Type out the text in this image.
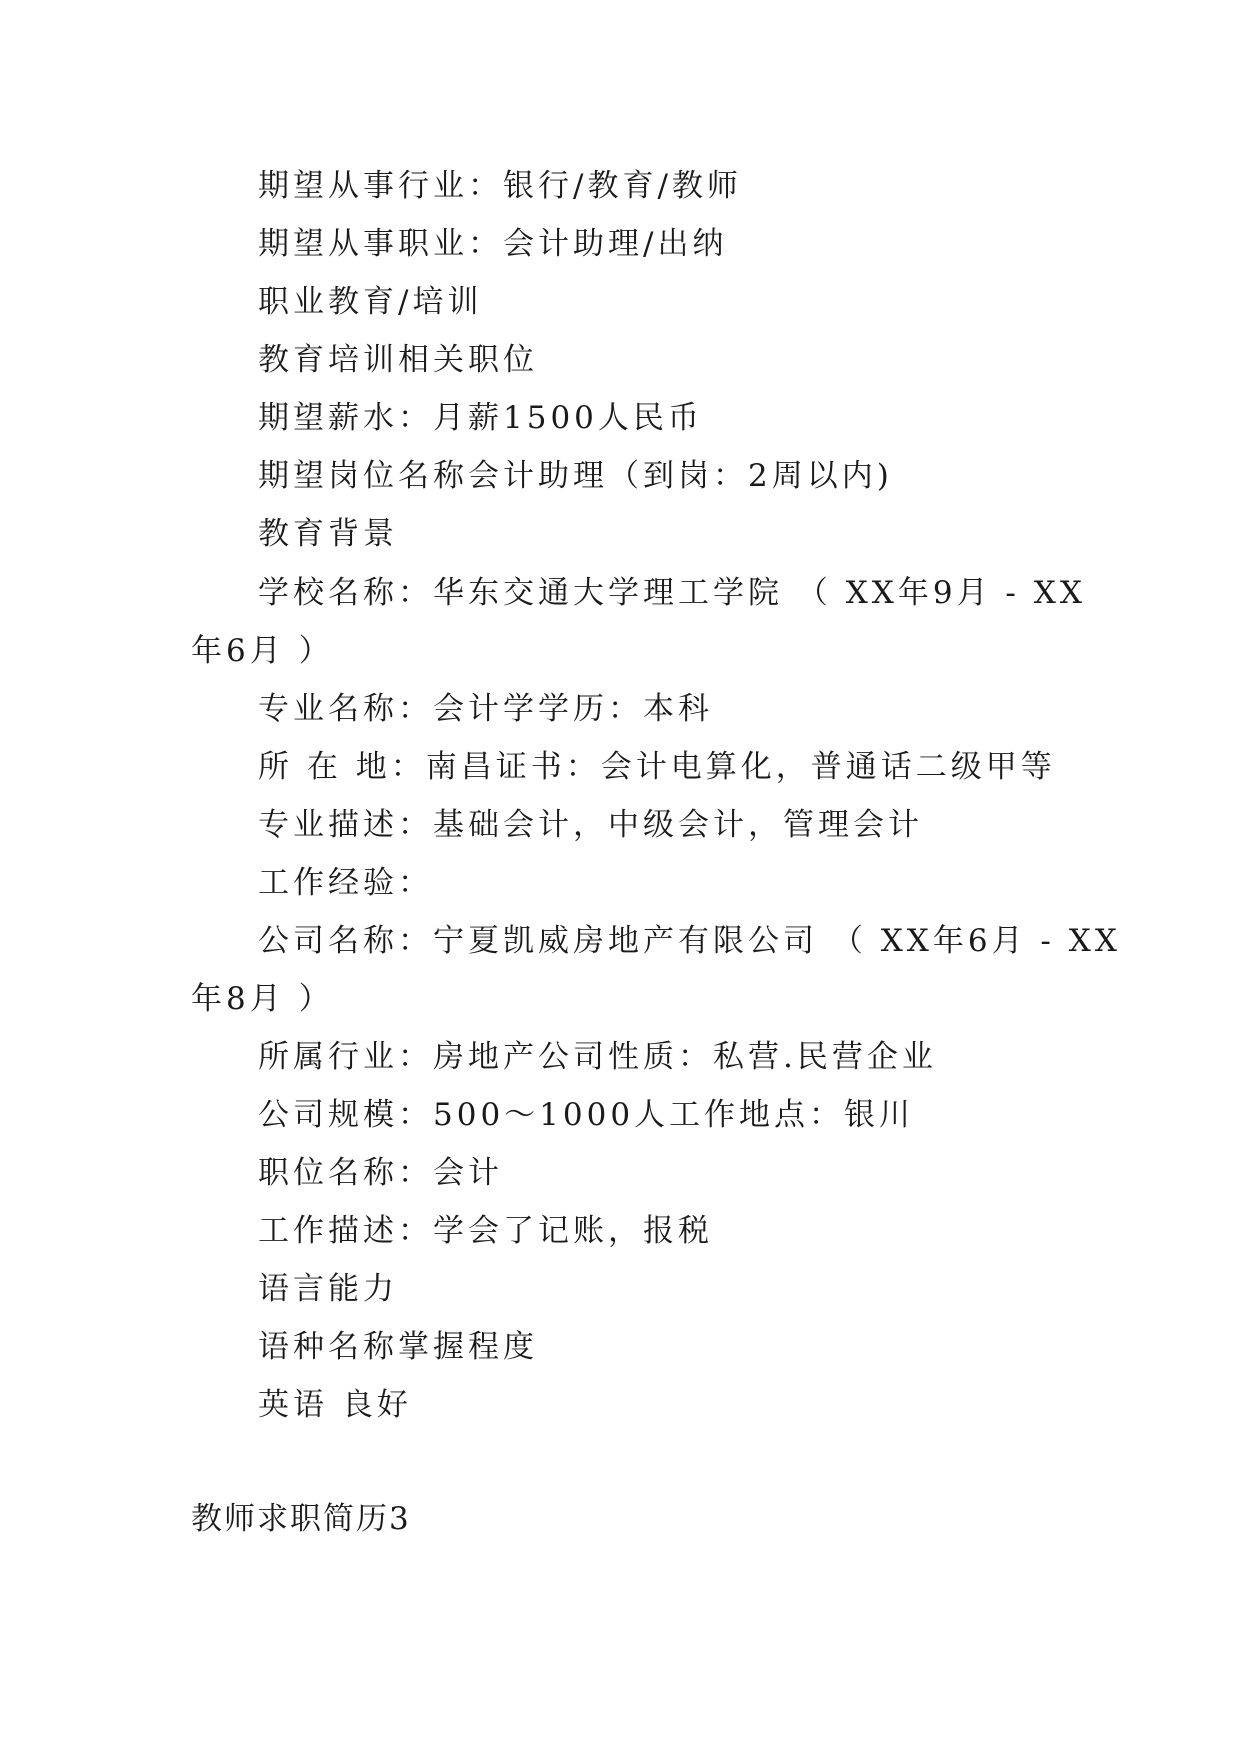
期望从事行业：银行/教育/教师
期望从事职业：会计助理/出纳
职业教育/培训
教育培训相关职位
期望薪水：月薪1500人民币
期望岗位名称会计助理（到岗：2周以内)
教育背景
学校名称：华东交通大学理工学院 （ XX年9月 - XX
年6月 ）
专业名称：会计学学历：本科
所 在 地：南昌证书：会计电算化，普通话二级甲等
专业描述：基础会计，中级会计，管理会计
工作经验：
公司名称：宁夏凯威房地产有限公司 （ XX年6月 - XX
年8月 ）
所属行业：房地产公司性质：私营.民营企业
公司规模：500～1000人工作地点：银川
职位名称：会计
工作描述：学会了记账，报税
语言能力
语种名称掌握程度
英语 良好
教师求职简历3
